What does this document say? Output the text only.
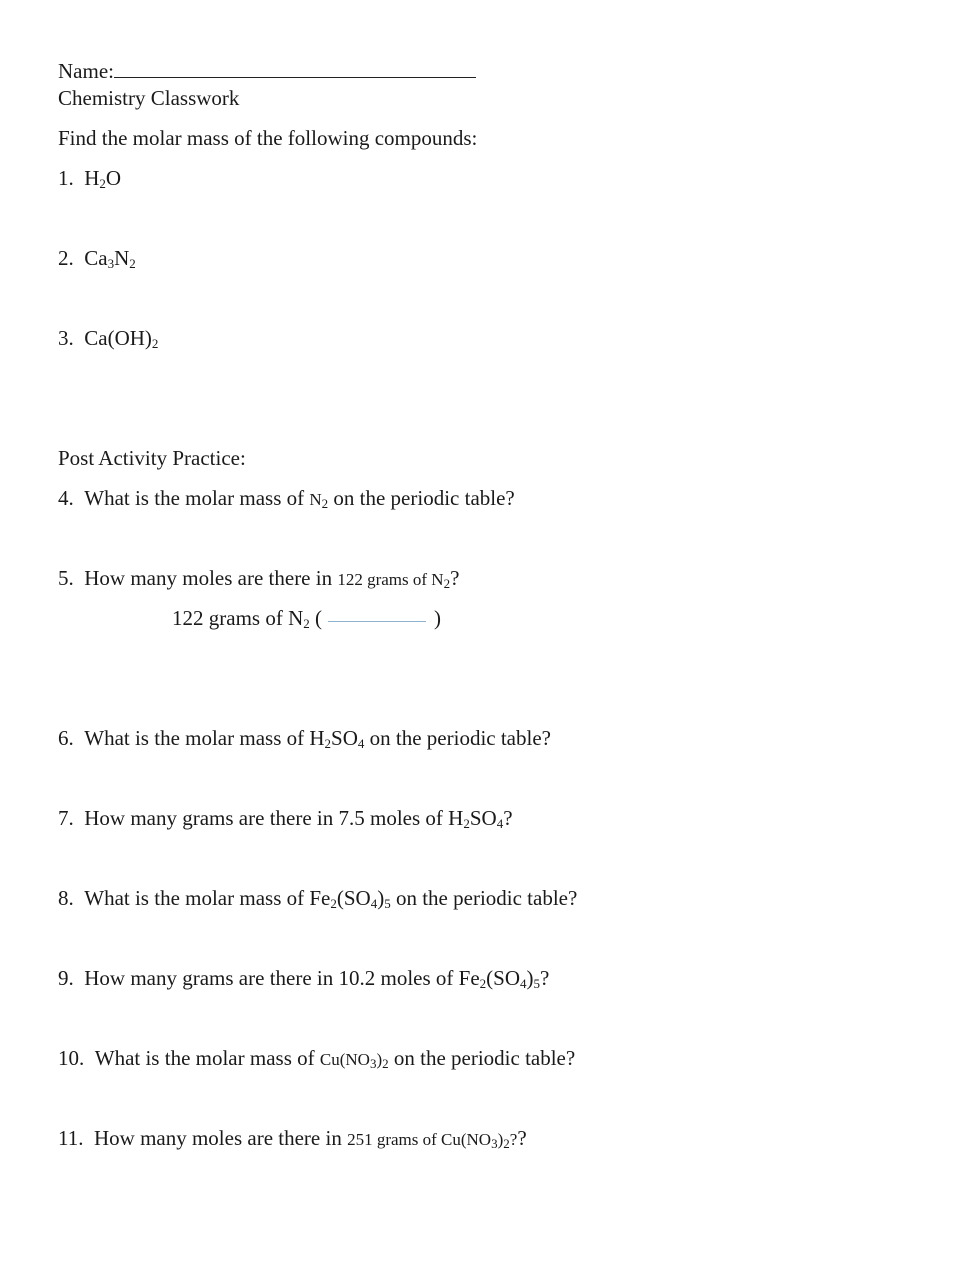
Name:
Chemistry Classwork
Find the molar mass of the following compounds:
1. $H_2O$
2. $Ca_3N_2$
3. $Ca(OH)_2$
Post Activity Practice:
4. What is the molar mass of $N_2$ on the periodic table?
5. How many moles are there in 122 grams of $N_2$?
122 grams of $N_2$ (	)
6. What is the molar mass of $H_2SO_4$ on the periodic table?
7. How many grams are there in 7.5 moles of $H_2SO_4$?
8. What is the molar mass of $Fe_2(SO_4)_5$ on the periodic table?
9. How many grams are there in 10.2 moles of $Fe_2(SO_4)_5$?
10. What is the molar mass of $Cu(NO_3)_2$ on the periodic table?
11. How many moles are there in 251 grams of $Cu(NO_3)_2$??
